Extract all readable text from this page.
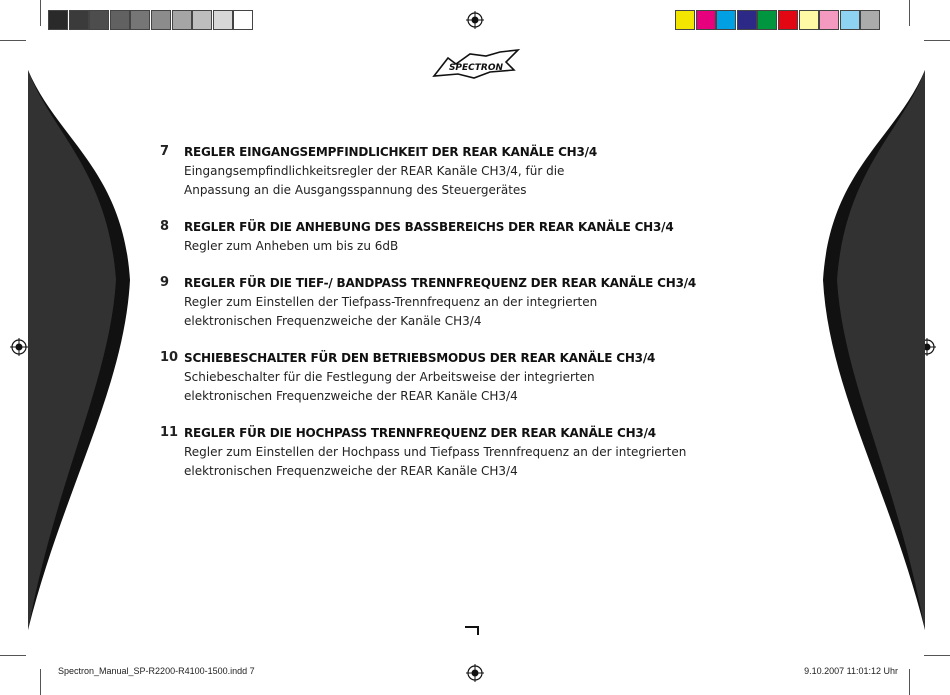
SPECTRON
7	REGLER EINGANGSEMPFINDLICHKEIT DER REAR KANÄLE CH3/4
Eingangsempfindlichkeitsregler der REAR Kanäle CH3/4, für die
Anpassung an die Ausgangsspannung des Steuergerätes
8	REGLER FÜR DIE ANHEBUNG DES BASSBEREICHS DER REAR KANÄLE CH3/4
Regler zum Anheben um bis zu 6dB
9	REGLER FÜR DIE TIEF-/ BANDPASS TRENNFREQUENZ DER REAR KANÄLE CH3/4
Regler zum Einstellen der Tiefpass-Trennfrequenz an der integrierten
elektronischen Frequenzweiche der Kanäle CH3/4
10 SCHIEBESCHALTER FÜR DEN BETRIEBSMODUS DER REAR KANÄLE CH3/4
Schiebeschalter für die Festlegung der Arbeitsweise der integrierten
elektronischen Frequenzweiche der REAR Kanäle CH3/4
11 REGLER FÜR DIE HOCHPASS TRENNFREQUENZ DER REAR KANÄLE CH3/4
Regler zum Einstellen der Hochpass und Tiefpass Trennfrequenz an der integrierten
elektronischen Frequenzweiche der REAR Kanäle CH3/4
Spectron_Manual_SP-R2200-R4100-1500.indd 7	9.10.2007 11:01:12 Uhr
